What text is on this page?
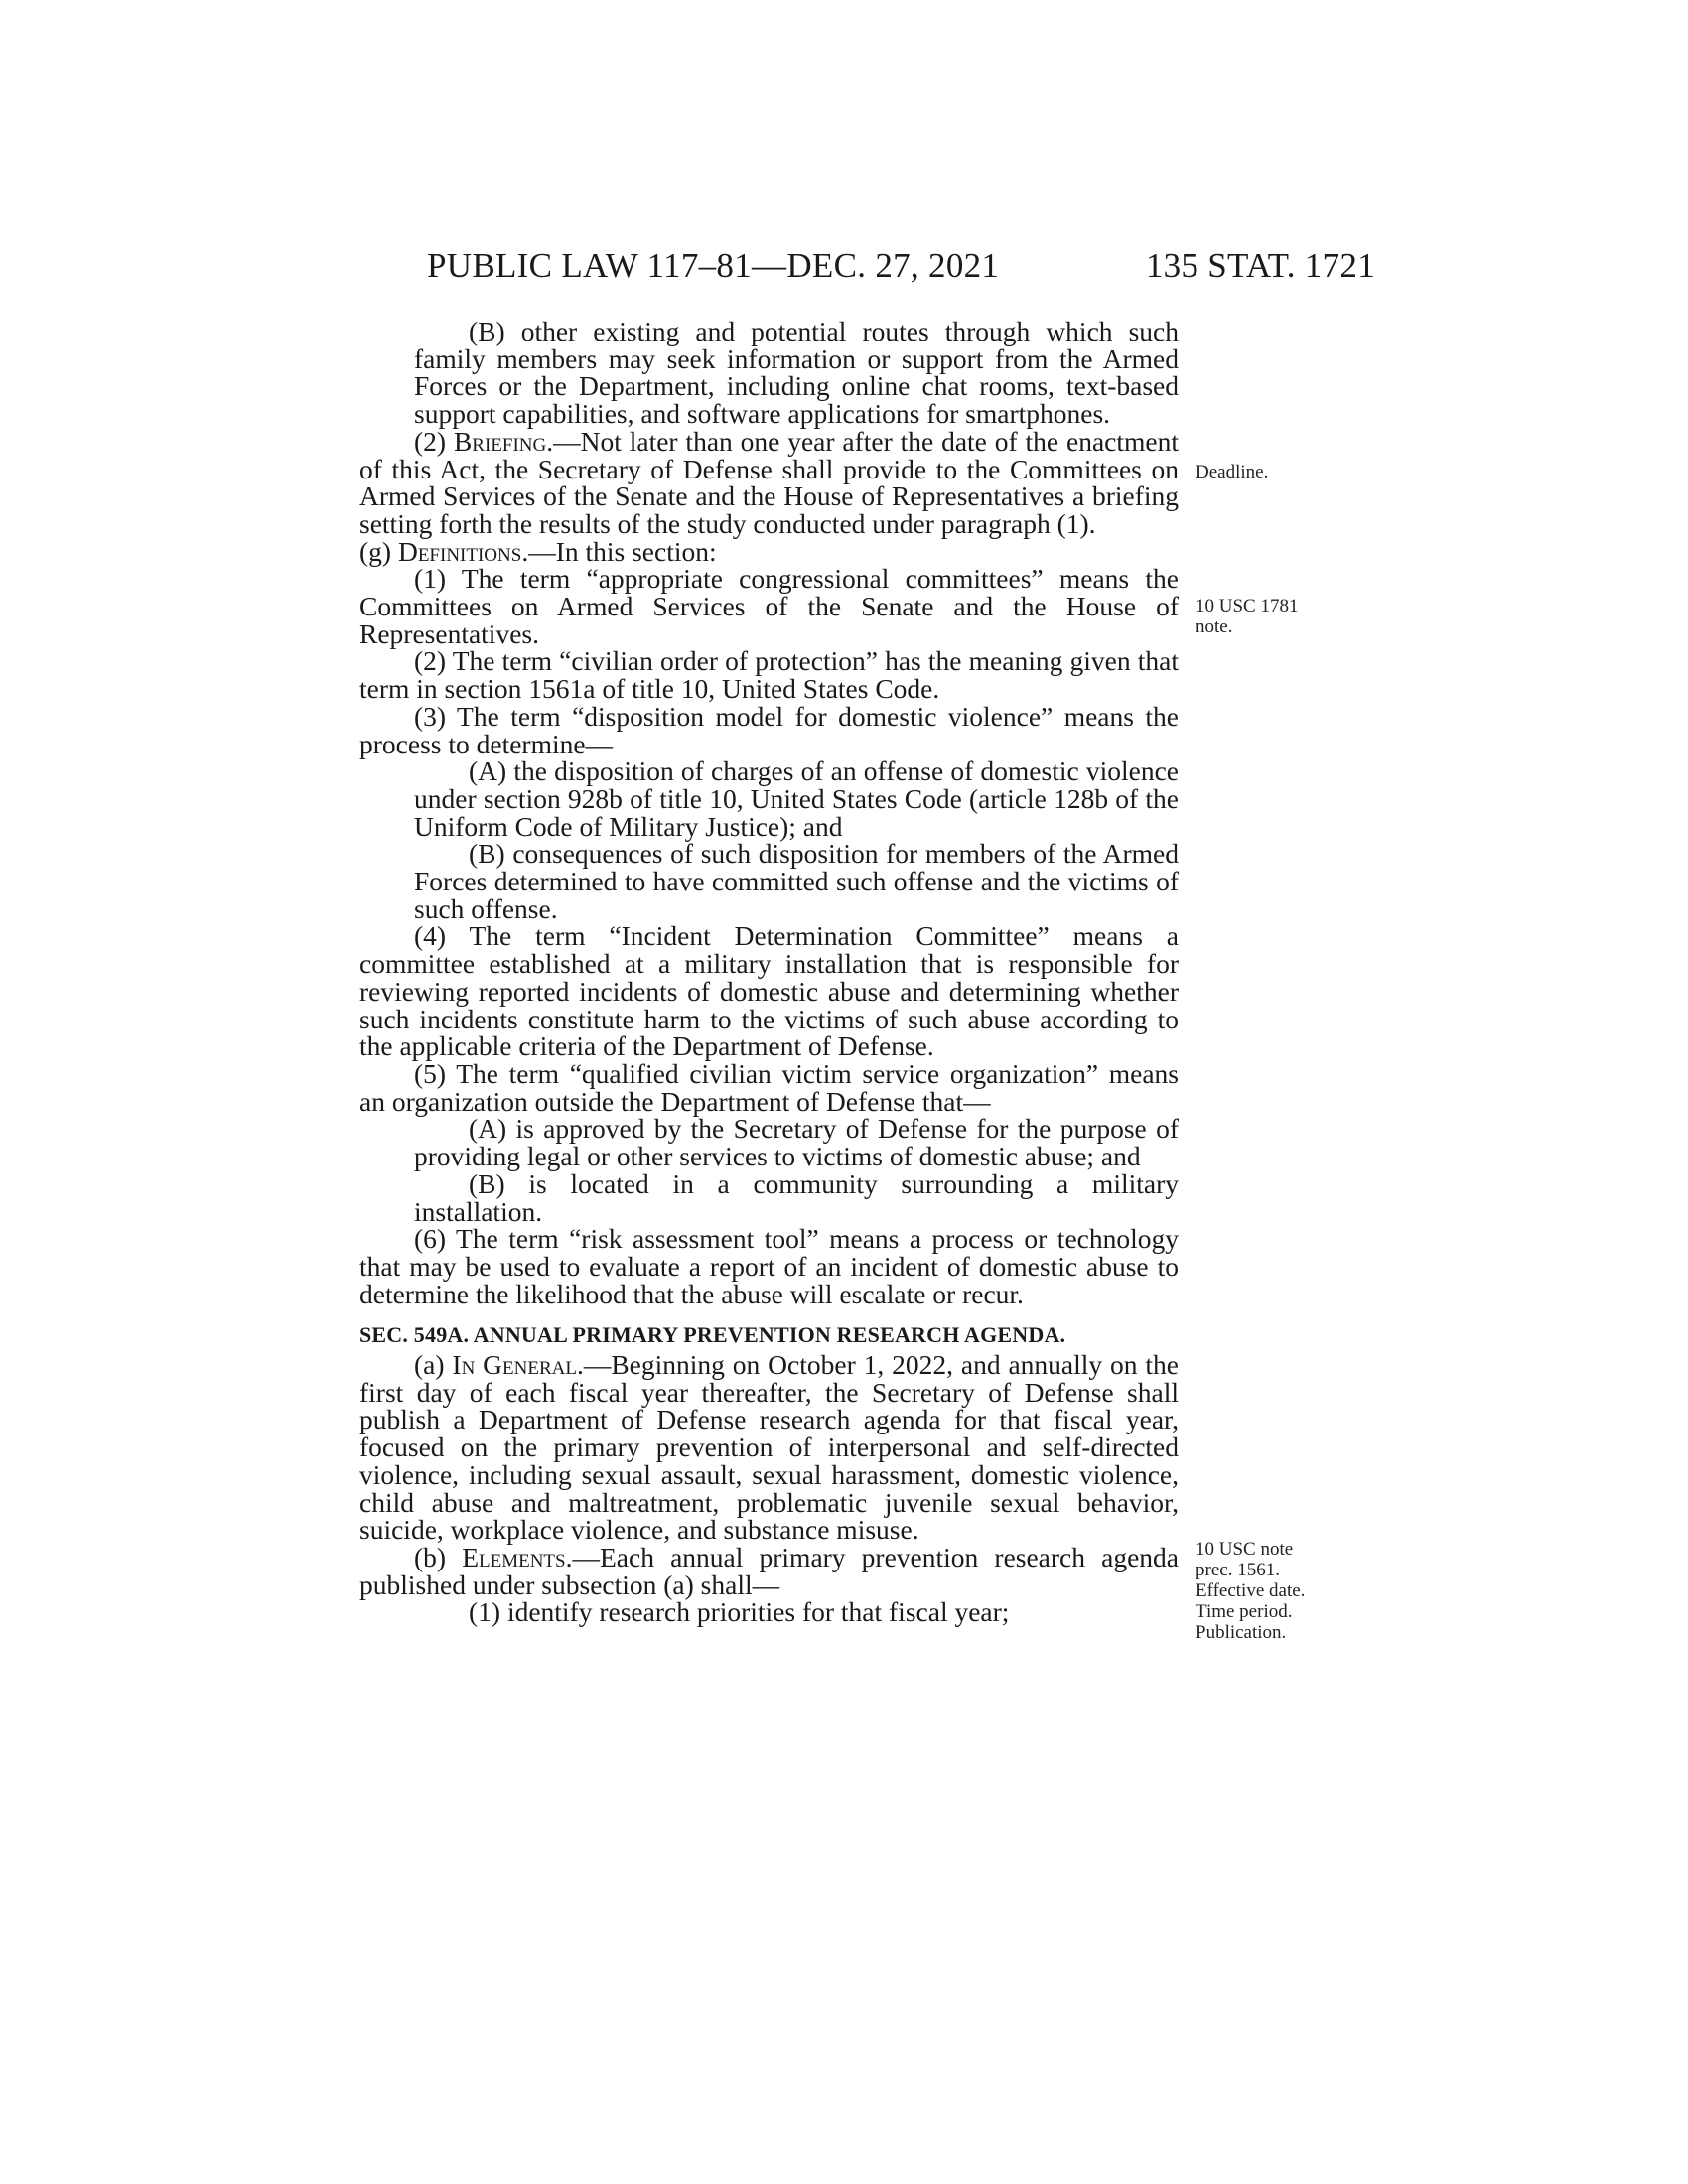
PUBLIC LAW 117–81—DEC. 27, 2021	135 STAT. 1721

(B) other existing and potential routes through which such family members may seek information or support from the Armed Forces or the Department, including online chat rooms, text-based support capabilities, and software applications for smartphones.

(2) Briefing.—Not later than one year after the date of the enactment of this Act, the Secretary of Defense shall provide to the Committees on Armed Services of the Senate and the House of Representatives a briefing setting forth the results of the study conducted under paragraph (1).

(g) Definitions.—In this section:

(1) The term “appropriate congressional committees” means the Committees on Armed Services of the Senate and the House of Representatives.

(2) The term “civilian order of protection” has the meaning given that term in section 1561a of title 10, United States Code.

(3) The term “disposition model for domestic violence” means the process to determine—

(A) the disposition of charges of an offense of domestic violence under section 928b of title 10, United States Code (article 128b of the Uniform Code of Military Justice); and

(B) consequences of such disposition for members of the Armed Forces determined to have committed such offense and the victims of such offense.

(4) The term “Incident Determination Committee” means a committee established at a military installation that is responsible for reviewing reported incidents of domestic abuse and determining whether such incidents constitute harm to the victims of such abuse according to the applicable criteria of the Department of Defense.

(5) The term “qualified civilian victim service organization” means an organization outside the Department of Defense that—

(A) is approved by the Secretary of Defense for the purpose of providing legal or other services to victims of domestic abuse; and

(B) is located in a community surrounding a military installation.

(6) The term “risk assessment tool” means a process or technology that may be used to evaluate a report of an incident of domestic abuse to determine the likelihood that the abuse will escalate or recur.

SEC. 549A. ANNUAL PRIMARY PREVENTION RESEARCH AGENDA.

(a) In General.—Beginning on October 1, 2022, and annually on the first day of each fiscal year thereafter, the Secretary of Defense shall publish a Department of Defense research agenda for that fiscal year, focused on the primary prevention of interpersonal and self-directed violence, including sexual assault, sexual harassment, domestic violence, child abuse and maltreatment, problematic juvenile sexual behavior, suicide, workplace violence, and substance misuse.

(b) Elements.—Each annual primary prevention research agenda published under subsection (a) shall—

(1) identify research priorities for that fiscal year;

Deadline.

10 USC 1781

note.

10 USC note

prec. 1561.

Effective date.

Time period.

Publication.
